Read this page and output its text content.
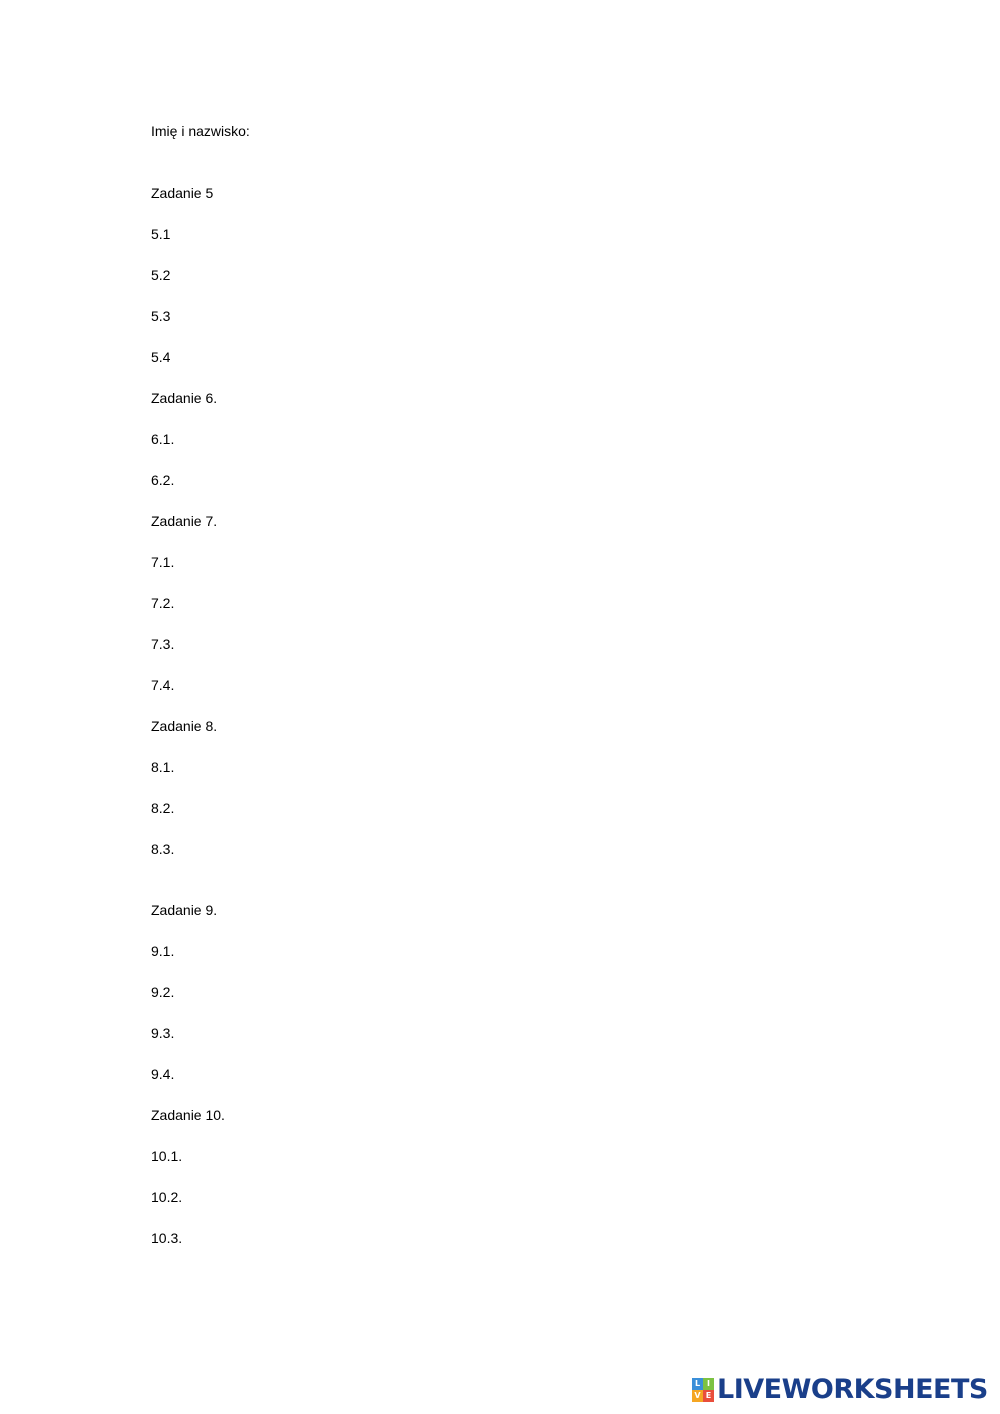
Imię i nazwisko:
Zadanie 5
5.1
5.2
5.3
5.4
Zadanie 6.
6.1.
6.2.
Zadanie 7.
7.1.
7.2.
7.3.
7.4.
Zadanie 8.
8.1.
8.2.
8.3.
Zadanie 9.
9.1.
9.2.
9.3.
9.4.
Zadanie 10.
10.1.
10.2.
10.3.
L I
V E LIVEWORKSHEETS
